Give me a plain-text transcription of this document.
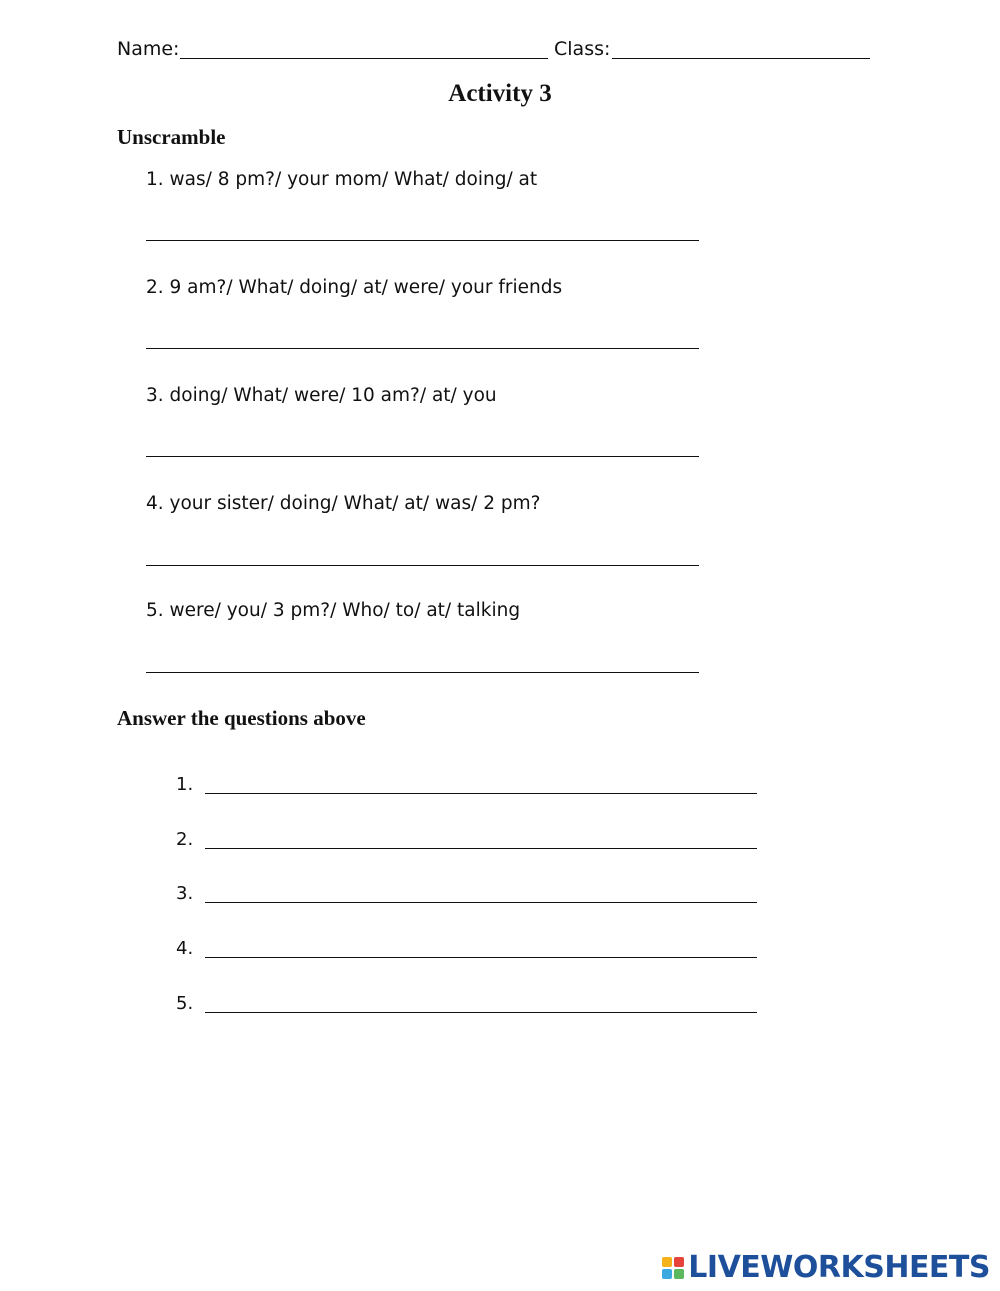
Name:	Class:
Activity 3
Unscramble
1. was/ 8 pm?/ your mom/ What/ doing/ at
2. 9 am?/ What/ doing/ at/ were/ your friends
3. doing/ What/ were/ 10 am?/ at/ you
4. your sister/ doing/ What/ at/ was/ 2 pm?
5. were/ you/ 3 pm?/ Who/ to/ at/ talking
Answer the questions above
1.
2.
3.
4.
5.
LIVEWORKSHEETS
